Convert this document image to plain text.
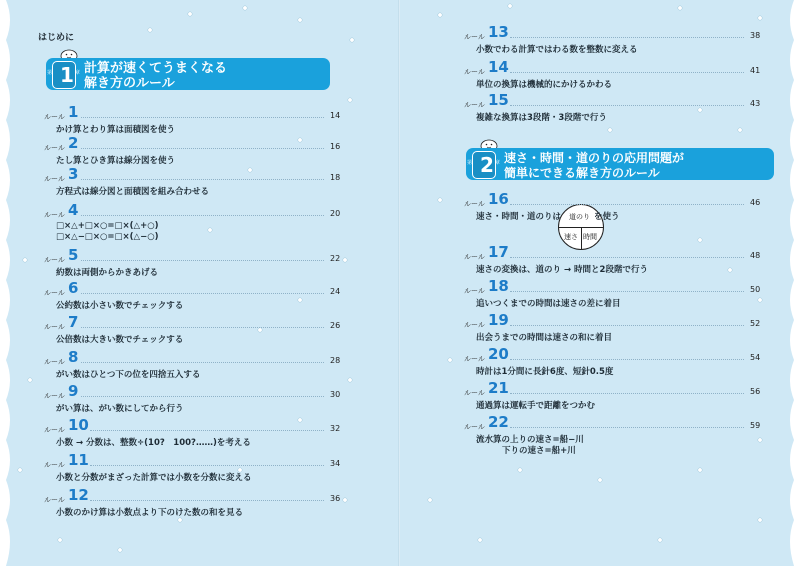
はじめに
第 1 章 計算が速くてうまくなる
解き方のルール
ルール 1	14
かけ算とわり算は面積図を使う
ルール 2	16
たし算とひき算は線分図を使う
ルール 3	18
方程式は線分図と面積図を組み合わせる
ルール 4	20
□×△+□×○=□×(△+○)
□×△−□×○=□×(△−○)
ルール 5	22
約数は両側からかきあげる
ルール 6	24
公約数は小さい数でチェックする
ルール 7	26
公倍数は大きい数でチェックする
ルール 8	28
がい数はひとつ下の位を四捨五入する
ルール 9	30
がい算は、がい数にしてから行う
ルール 10	32
小数 → 分数は、整数÷(10?　100?……)を考える
ルール 11	34
小数と分数がまざった計算では小数を分数に変える
ルール 12	36
小数のかけ算は小数点より下のけた数の和を見る
第 2 章 速さ・時間・道のりの応用問題が
簡単にできる解き方のルール
道のり
速さ 時間
ルール 13	38
小数でわる計算ではわる数を整数に変える
ルール 14	41
単位の換算は機械的にかけるかわる
ルール 15	43
複雑な換算は3段階・3段階で行う
ルール 16	46
速さ・時間・道のりは	を使う
ルール 17	48
速さの変換は、道のり → 時間と2段階で行う
ルール 18	50
追いつくまでの時間は速さの差に着目
ルール 19	52
出会うまでの時間は速さの和に着目
ルール 20	54
時計は1分間に長針6度、短針0.5度
ルール 21	56
通過算は運転手で距離をつかむ
ルール 22	59
流水算の上りの速さ=船−川
下りの速さ=船+川
